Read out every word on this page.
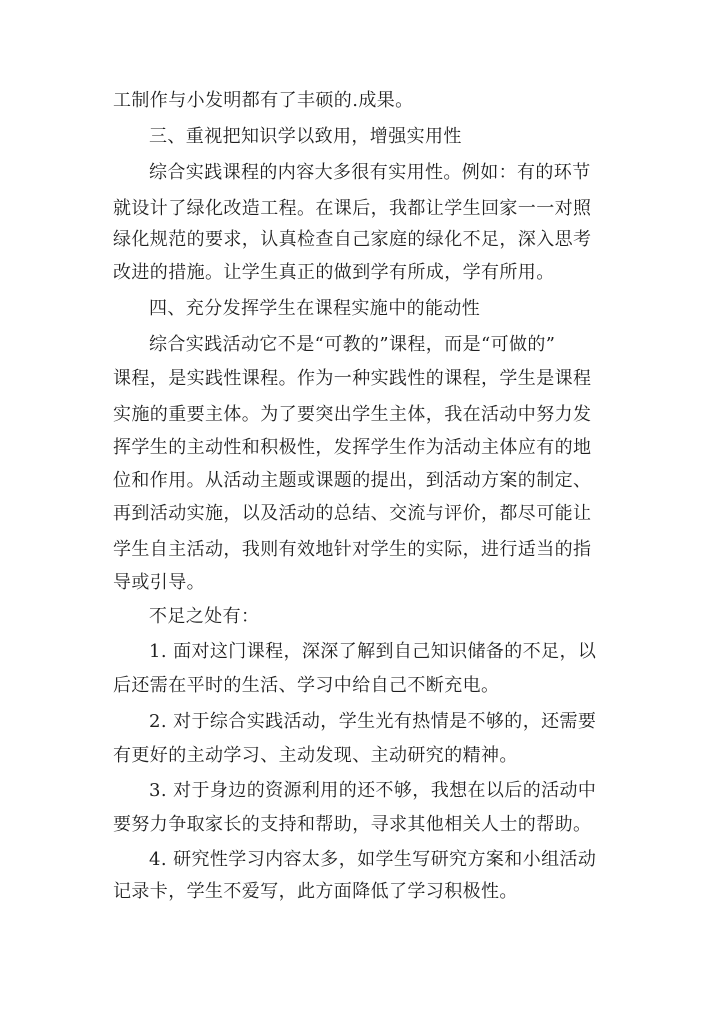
工制作与小发明都有了丰硕的.成果。
三、重视把知识学以致用，增强实用性
综合实践课程的内容大多很有实用性。例如：有的环节
就设计了绿化改造工程。在课后，我都让学生回家一一对照
绿化规范的要求，认真检查自己家庭的绿化不足，深入思考
改进的措施。让学生真正的做到学有所成，学有所用。
四、充分发挥学生在课程实施中的能动性
综合实践活动它不是“可教的”课程，而是“可做的”
课程，是实践性课程。作为一种实践性的课程，学生是课程
实施的重要主体。为了要突出学生主体，我在活动中努力发
挥学生的主动性和积极性，发挥学生作为活动主体应有的地
位和作用。从活动主题或课题的提出，到活动方案的制定、
再到活动实施，以及活动的总结、交流与评价，都尽可能让
学生自主活动，我则有效地针对学生的实际，进行适当的指
导或引导。
不足之处有：
1. 面对这门课程，深深了解到自己知识储备的不足，以
后还需在平时的生活、学习中给自己不断充电。
2. 对于综合实践活动，学生光有热情是不够的，还需要
有更好的主动学习、主动发现、主动研究的精神。
3. 对于身边的资源利用的还不够，我想在以后的活动中
要努力争取家长的支持和帮助，寻求其他相关人士的帮助。
4. 研究性学习内容太多，如学生写研究方案和小组活动
记录卡，学生不爱写，此方面降低了学习积极性。
